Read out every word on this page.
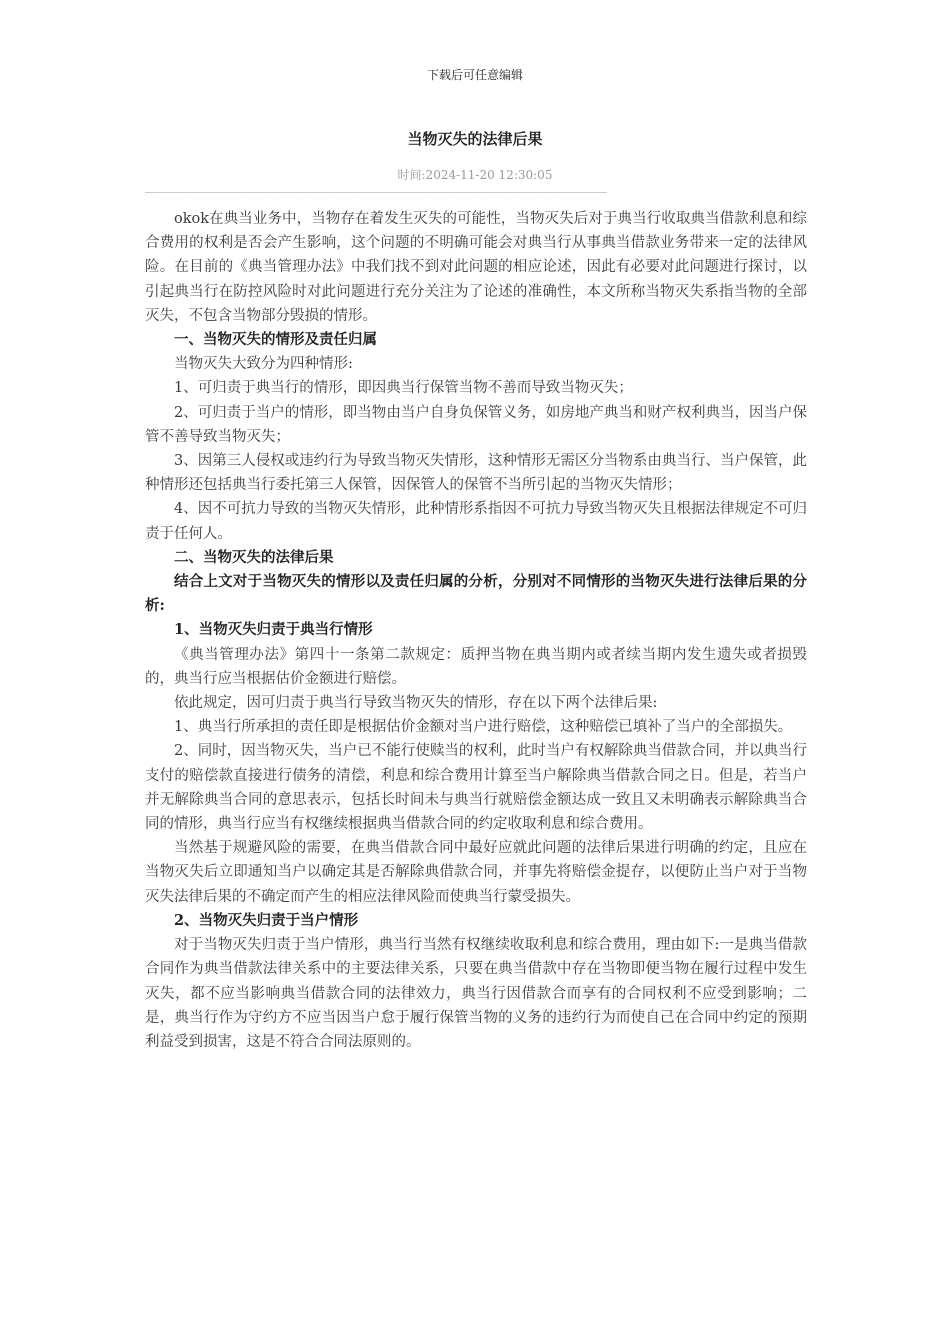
下载后可任意编辑
当物灭失的法律后果
时间:2024-11-20 12:30:05
———————————————————————————————————————————————————————————

okok在典当业务中，当物存在着发生灭失的可能性，当物灭失后对于典当行收取典当借款利息和综合费用的权利是否会产生影响，这个问题的不明确可能会对典当行从事典当借款业务带来一定的法律风险。在目前的《典当管理办法》中我们找不到对此问题的相应论述，因此有必要对此问题进行探讨，以引起典当行在防控风险时对此问题进行充分关注为了论述的准确性，本文所称当物灭失系指当物的全部灭失，不包含当物部分毁损的情形。

一、当物灭失的情形及责任归属

当物灭失大致分为四种情形:

1、可归责于典当行的情形，即因典当行保管当物不善而导致当物灭失；

2、可归责于当户的情形，即当物由当户自身负保管义务，如房地产典当和财产权利典当，因当户保管不善导致当物灭失；

3、因第三人侵权或违约行为导致当物灭失情形，这种情形无需区分当物系由典当行、当户保管，此种情形还包括典当行委托第三人保管，因保管人的保管不当所引起的当物灭失情形；

4、因不可抗力导致的当物灭失情形，此种情形系指因不可抗力导致当物灭失且根据法律规定不可归责于任何人。

二、当物灭失的法律后果

结合上文对于当物灭失的情形以及责任归属的分析，分别对不同情形的当物灭失进行法律后果的分析:

1、当物灭失归责于典当行情形

《典当管理办法》第四十一条第二款规定：质押当物在典当期内或者续当期内发生遗失或者损毁的，典当行应当根据估价金额进行赔偿。

依此规定，因可归责于典当行导致当物灭失的情形，存在以下两个法律后果:

1、典当行所承担的责任即是根据估价金额对当户进行赔偿，这种赔偿已填补了当户的全部损失。

2、同时，因当物灭失，当户已不能行使赎当的权利，此时当户有权解除典当借款合同，并以典当行支付的赔偿款直接进行债务的清偿，利息和综合费用计算至当户解除典当借款合同之日。但是，若当户并无解除典当合同的意思表示，包括长时间未与典当行就赔偿金额达成一致且又未明确表示解除典当合同的情形，典当行应当有权继续根据典当借款合同的约定收取利息和综合费用。

当然基于规避风险的需要，在典当借款合同中最好应就此问题的法律后果进行明确的约定，且应在当物灭失后立即通知当户以确定其是否解除典借款合同，并事先将赔偿金提存，以便防止当户对于当物灭失法律后果的不确定而产生的相应法律风险而使典当行蒙受损失。

2、当物灭失归责于当户情形

对于当物灭失归责于当户情形，典当行当然有权继续收取利息和综合费用，理由如下:一是典当借款合同作为典当借款法律关系中的主要法律关系，只要在典当借款中存在当物即便当物在履行过程中发生灭失，都不应当影响典当借款合同的法律效力，典当行因借款合而享有的合同权利不应受到影响；二是，典当行作为守约方不应当因当户怠于履行保管当物的义务的违约行为而使自己在合同中约定的预期利益受到损害，这是不符合合同法原则的。
